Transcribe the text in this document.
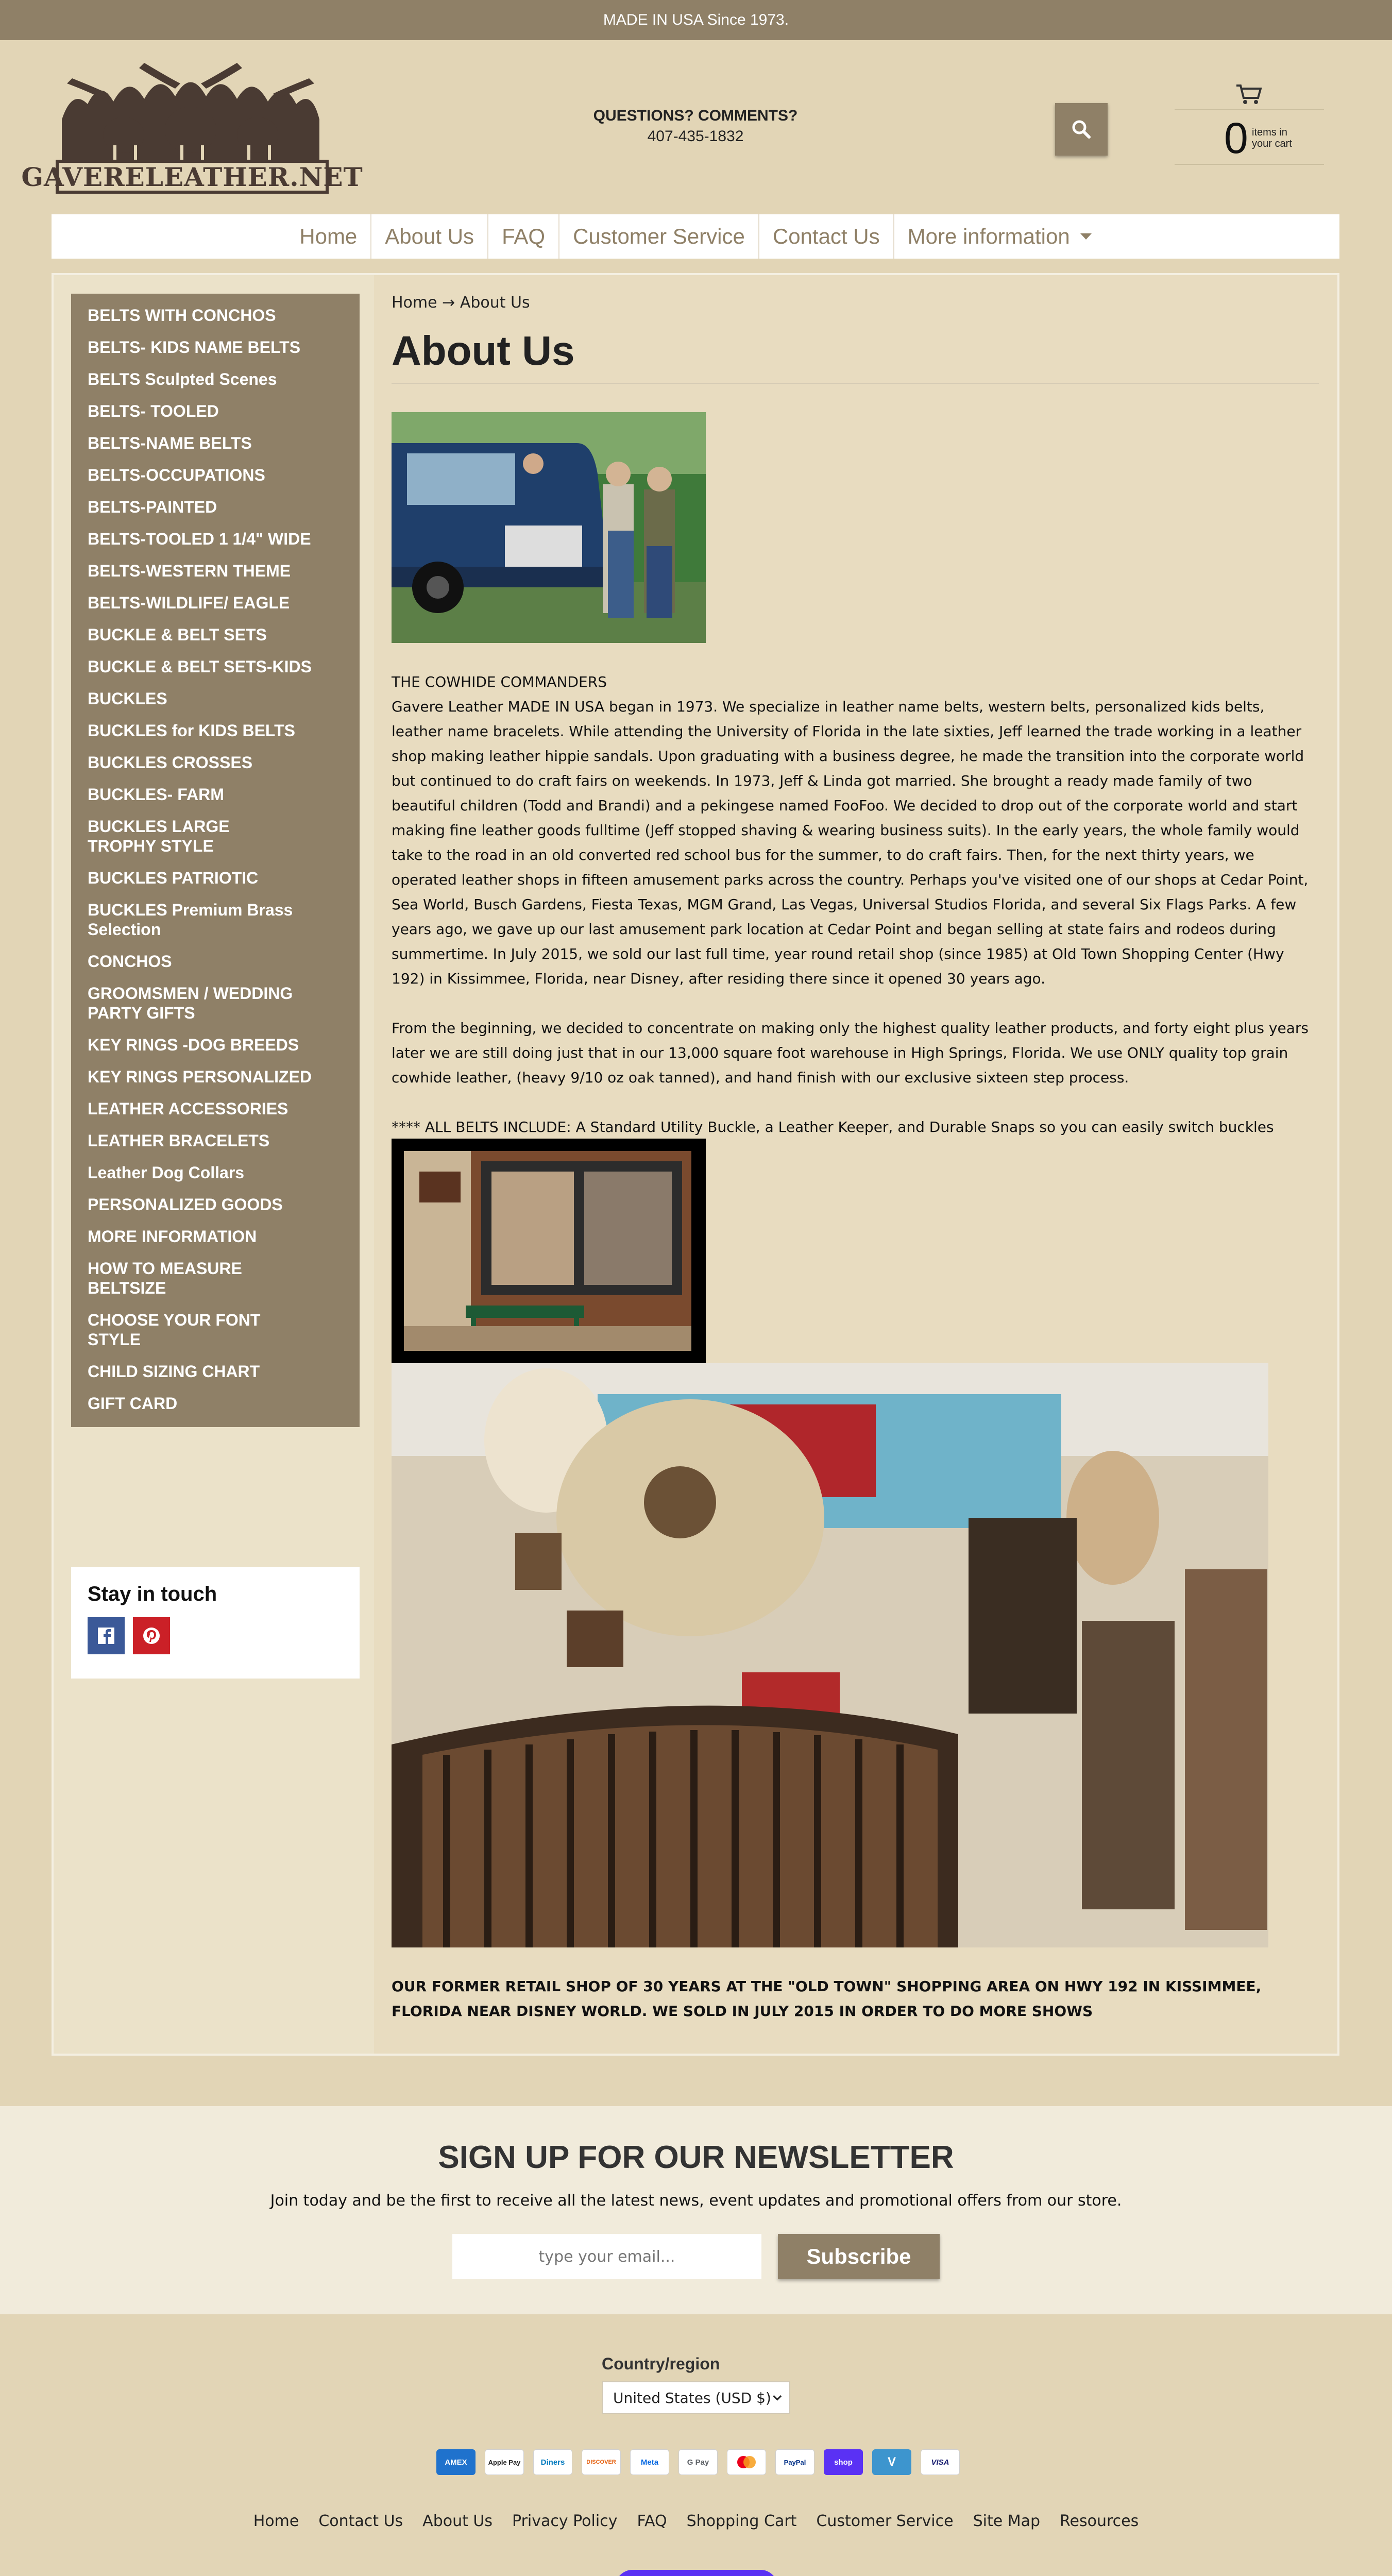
MADE IN USA Since 1973.
GAVERELEATHER.NET
QUESTIONS? COMMENTS?
407-435-1832	0 items in your cart
Home About Us FAQ Customer Service Contact Us More information
BELTS WITH CONCHOS
BELTS- KIDS NAME BELTS
BELTS Sculpted Scenes
BELTS- TOOLED
BELTS-NAME BELTS
BELTS-OCCUPATIONS
BELTS-PAINTED
BELTS-TOOLED 1 1/4" WIDE
BELTS-WESTERN THEME
BELTS-WILDLIFE/ EAGLE
BUCKLE & BELT SETS
BUCKLE & BELT SETS-KIDS
BUCKLES
BUCKLES for KIDS BELTS
BUCKLES CROSSES
BUCKLES- FARM
BUCKLES LARGE TROPHY STYLE
BUCKLES PATRIOTIC
BUCKLES Premium Brass Selection
CONCHOS
GROOMSMEN / WEDDING PARTY GIFTS
KEY RINGS -DOG BREEDS
KEY RINGS PERSONALIZED
LEATHER ACCESSORIES
LEATHER BRACELETS
Leather Dog Collars
PERSONALIZED GOODS
MORE INFORMATION
HOW TO MEASURE BELTSIZE
CHOOSE YOUR FONT STYLE
CHILD SIZING CHART
GIFT CARD
Stay in touch
Home → About Us
About Us

THE COWHIDE COMMANDERS

Gavere Leather MADE IN USA began in 1973. We specialize in leather name belts, western belts, personalized kids belts, leather name bracelets. While attending the University of Florida in the late sixties, Jeff learned the trade working in a leather shop making leather hippie sandals. Upon graduating with a business degree, he made the transition into the corporate world but continued to do craft fairs on weekends. In 1973, Jeff & Linda got married. She brought a ready made family of two beautiful children (Todd and Brandi) and a pekingese named FooFoo. We decided to drop out of the corporate world and start making fine leather goods fulltime (Jeff stopped shaving & wearing business suits). In the early years, the whole family would take to the road in an old converted red school bus for the summer, to do craft fairs. Then, for the next thirty years, we operated leather shops in fifteen amusement parks across the country. Perhaps you've visited one of our shops at Cedar Point, Sea World, Busch Gardens, Fiesta Texas, MGM Grand, Las Vegas, Universal Studios Florida, and several Six Flags Parks. A few years ago, we gave up our last amusement park location at Cedar Point and began selling at state fairs and rodeos during summertime. In July 2015, we sold our last full time, year round retail shop (since 1985) at Old Town Shopping Center (Hwy 192) in Kissimmee, Florida, near Disney, after residing there since it opened 30 years ago.

From the beginning, we decided to concentrate on making only the highest quality leather products, and forty eight plus years later we are still doing just that in our 13,000 square foot warehouse in High Springs, Florida. We use ONLY quality top grain cowhide leather, (heavy 9/10 oz oak tanned), and hand finish with our exclusive sixteen step process.

**** ALL BELTS INCLUDE: A Standard Utility Buckle, a Leather Keeper, and Durable Snaps so you can easily switch buckles

OUR FORMER RETAIL SHOP OF 30 YEARS AT THE "OLD TOWN" SHOPPING AREA ON HWY 192 IN KISSIMMEE, FLORIDA NEAR DISNEY WORLD. WE SOLD IN JULY 2015 IN ORDER TO DO MORE SHOWS
SIGN UP FOR OUR NEWSLETTER
Join today and be the first to receive all the latest news, event updates and promotional offers from our store.
type your email...
Subscribe
Country/region
United States (USD $)
AMEX	Apple Pay	Diners	DISCOVER	Meta	G Pay	PayPal	shop	V	VISA
Home Contact Us About Us Privacy Policy FAQ Shopping Cart Customer Service Site Map Resources
